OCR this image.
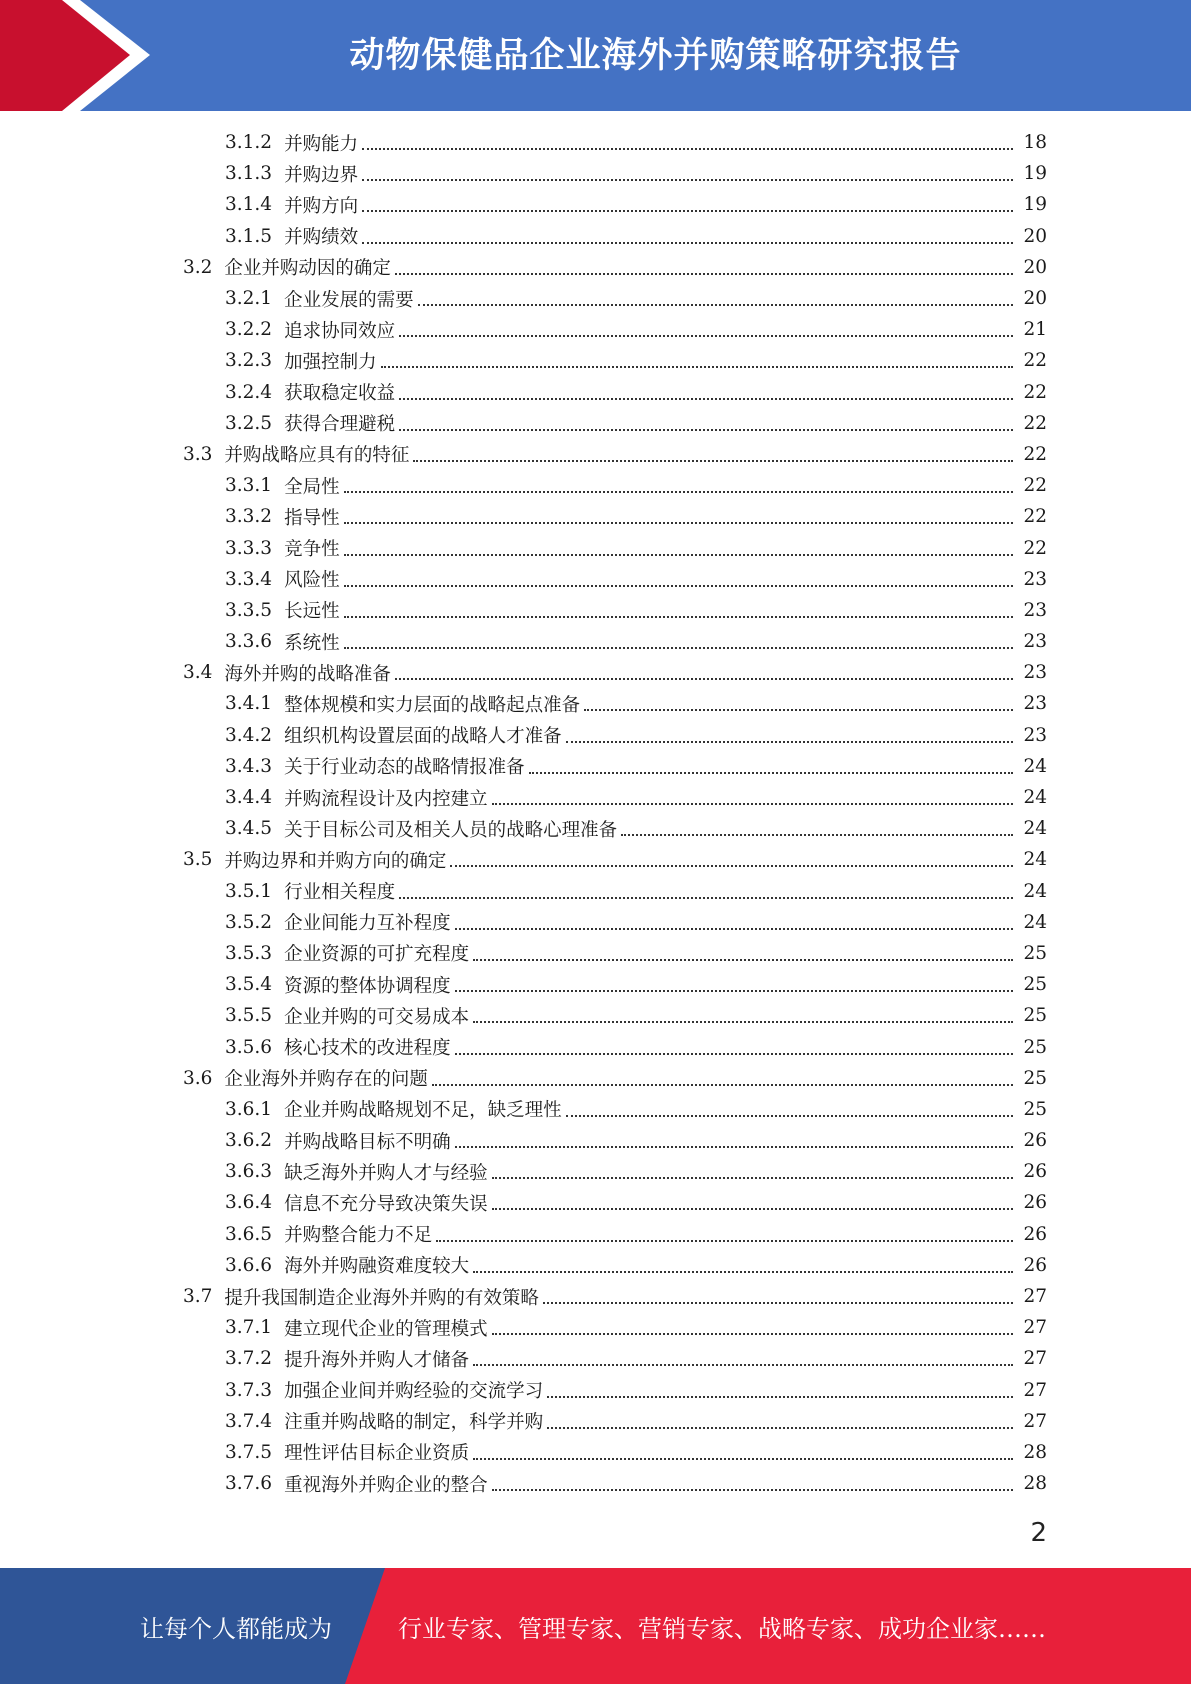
动物保健品企业海外并购策略研究报告
3.1.2 并购能力	18
3.1.3 并购边界	19
3.1.4 并购方向	19
3.1.5 并购绩效	20
3.2 企业并购动因的确定	20
3.2.1 企业发展的需要	20
3.2.2 追求协同效应	21
3.2.3 加强控制力	22
3.2.4 获取稳定收益	22
3.2.5 获得合理避税	22
3.3 并购战略应具有的特征	22
3.3.1 全局性	22
3.3.2 指导性	22
3.3.3 竞争性	22
3.3.4 风险性	23
3.3.5 长远性	23
3.3.6 系统性	23
3.4 海外并购的战略准备	23
3.4.1 整体规模和实力层面的战略起点准备	23
3.4.2 组织机构设置层面的战略人才准备	23
3.4.3 关于行业动态的战略情报准备	24
3.4.4 并购流程设计及内控建立	24
3.4.5 关于目标公司及相关人员的战略心理准备	24
3.5 并购边界和并购方向的确定	24
3.5.1 行业相关程度	24
3.5.2 企业间能力互补程度	24
3.5.3 企业资源的可扩充程度	25
3.5.4 资源的整体协调程度	25
3.5.5 企业并购的可交易成本	25
3.5.6 核心技术的改进程度	25
3.6 企业海外并购存在的问题	25
3.6.1 企业并购战略规划不足，缺乏理性	25
3.6.2 并购战略目标不明确	26
3.6.3 缺乏海外并购人才与经验	26
3.6.4 信息不充分导致决策失误	26
3.6.5 并购整合能力不足	26
3.6.6 海外并购融资难度较大	26
3.7 提升我国制造企业海外并购的有效策略	27
3.7.1 建立现代企业的管理模式	27
3.7.2 提升海外并购人才储备	27
3.7.3 加强企业间并购经验的交流学习	27
3.7.4 注重并购战略的制定，科学并购	27
3.7.5 理性评估目标企业资质	28
3.7.6 重视海外并购企业的整合	28
2
让每个人都能成为	行业专家、管理专家、营销专家、战略专家、成功企业家……
